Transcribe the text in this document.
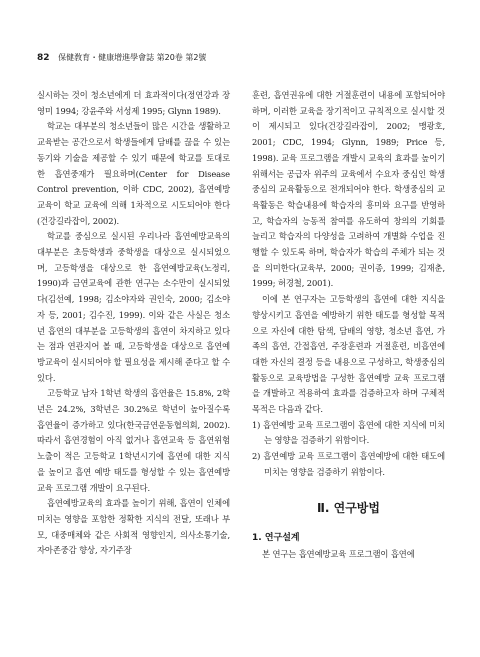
82 保健敎育・健康增進學會誌 第20卷 第2號

실시하는 것이 청소년에게 더 효과적이다(정연강과 장영미 1994; 강윤주와 서성제 1995; Glynn 1989).

학교는 대부분의 청소년들이 많은 시간을 생활하고 교육받는 공간으로서 학생들에게 담배를 끊을 수 있는 동기와 기술을 제공할 수 있기 때문에 학교를 토대로 한 흡연중재가 필요하며(Center for Disease Control prevention, 이하 CDC, 2002), 흡연예방 교육이 학교 교육에 의해 1차적으로 시도되어야 한다(건강길라잡이, 2002).

학교를 중심으로 실시된 우리나라 흡연예방교육의 대부분은 초등학생과 중학생을 대상으로 실시되었으며, 고등학생을 대상으로 한 흡연예방교육(노정리, 1990)과 금연교육에 관한 연구는 소수만이 실시되었다(김선예, 1998; 김소야자와 권인숙, 2000; 김소야자 등, 2001; 김수진, 1999). 이와 같은 사실은 청소년 흡연의 대부분을 고등학생의 흡연이 차지하고 있다는 점과 연관지어 볼 때, 고등학생을 대상으로 흡연예방교육이 실시되어야 할 필요성을 제시해 준다고 할 수 있다.

고등학교 남자 1학년 학생의 흡연율은 15.8%, 2학년은 24.2%, 3학년은 30.2%로 학년이 높아질수록 흡연율이 증가하고 있다(한국금연운동협의회, 2002). 따라서 흡연경험이 아직 없거나 흡연교육 등 흡연위험 노출이 적은 고등학교 1학년시기에 흡연에 대한 지식을 높이고 흡연 예방 태도를 형성할 수 있는 흡연예방교육 프로그램 개발이 요구된다.

흡연예방교육의 효과를 높이기 위해, 흡연이 인체에 미치는 영향을 포함한 정확한 지식의 전달, 또래나 부모, 대중매체와 같은 사회적 영향인지, 의사소통기술, 자아존중감 향상, 자기주장

훈련, 흡연권유에 대한 거절훈련이 내용에 포함되어야하며, 이러한 교육을 장기적이고 규칙적으로 실시할 것이 제시되고 있다(건강길라잡이, 2002; 맹광호, 2001; CDC, 1994; Glynn, 1989; Price 등, 1998). 교육 프로그램을 개발시 교육의 효과를 높이기 위해서는 공급자 위주의 교육에서 수요자 중심인 학생중심의 교육활동으로 전개되어야 한다. 학생중심의 교육활동은 학습내용에 학습자의 흥미와 요구를 반영하고, 학습자의 능동적 참여를 유도하여 창의의 기회를 늘리고 학습자의 다양성을 고려하여 개별화 수업을 진행할 수 있도록 하며, 학습자가 학습의 주체가 되는 것을 의미한다(교육부, 2000; 권이종, 1999; 김재춘, 1999; 허경철, 2001).

이에 본 연구자는 고등학생의 흡연에 대한 지식을 향상시키고 흡연을 예방하기 위한 태도를 형성할 목적으로 자신에 대한 탐색, 담배의 영향, 청소년 흡연, 가족의 흡연, 간접흡연, 주장훈련과 거절훈련, 비흡연에 대한 자신의 결정 등을 내용으로 구성하고, 학생중심의 활동으로 교육방법을 구성한 흡연예방 교육 프로그램을 개발하고 적용하여 효과를 검증하고자 하며 구체적 목적은 다음과 같다.

1) 흡연예방 교육 프로그램이 흡연에 대한 지식에 미치는 영향을 검증하기 위함이다.

2) 흡연예방 교육 프로그램이 흡연예방에 대한 태도에 미치는 영향을 검증하기 위함이다.

Ⅱ. 연구방법
1. 연구설계

본 연구는 흡연예방교육 프로그램이 흡연에
